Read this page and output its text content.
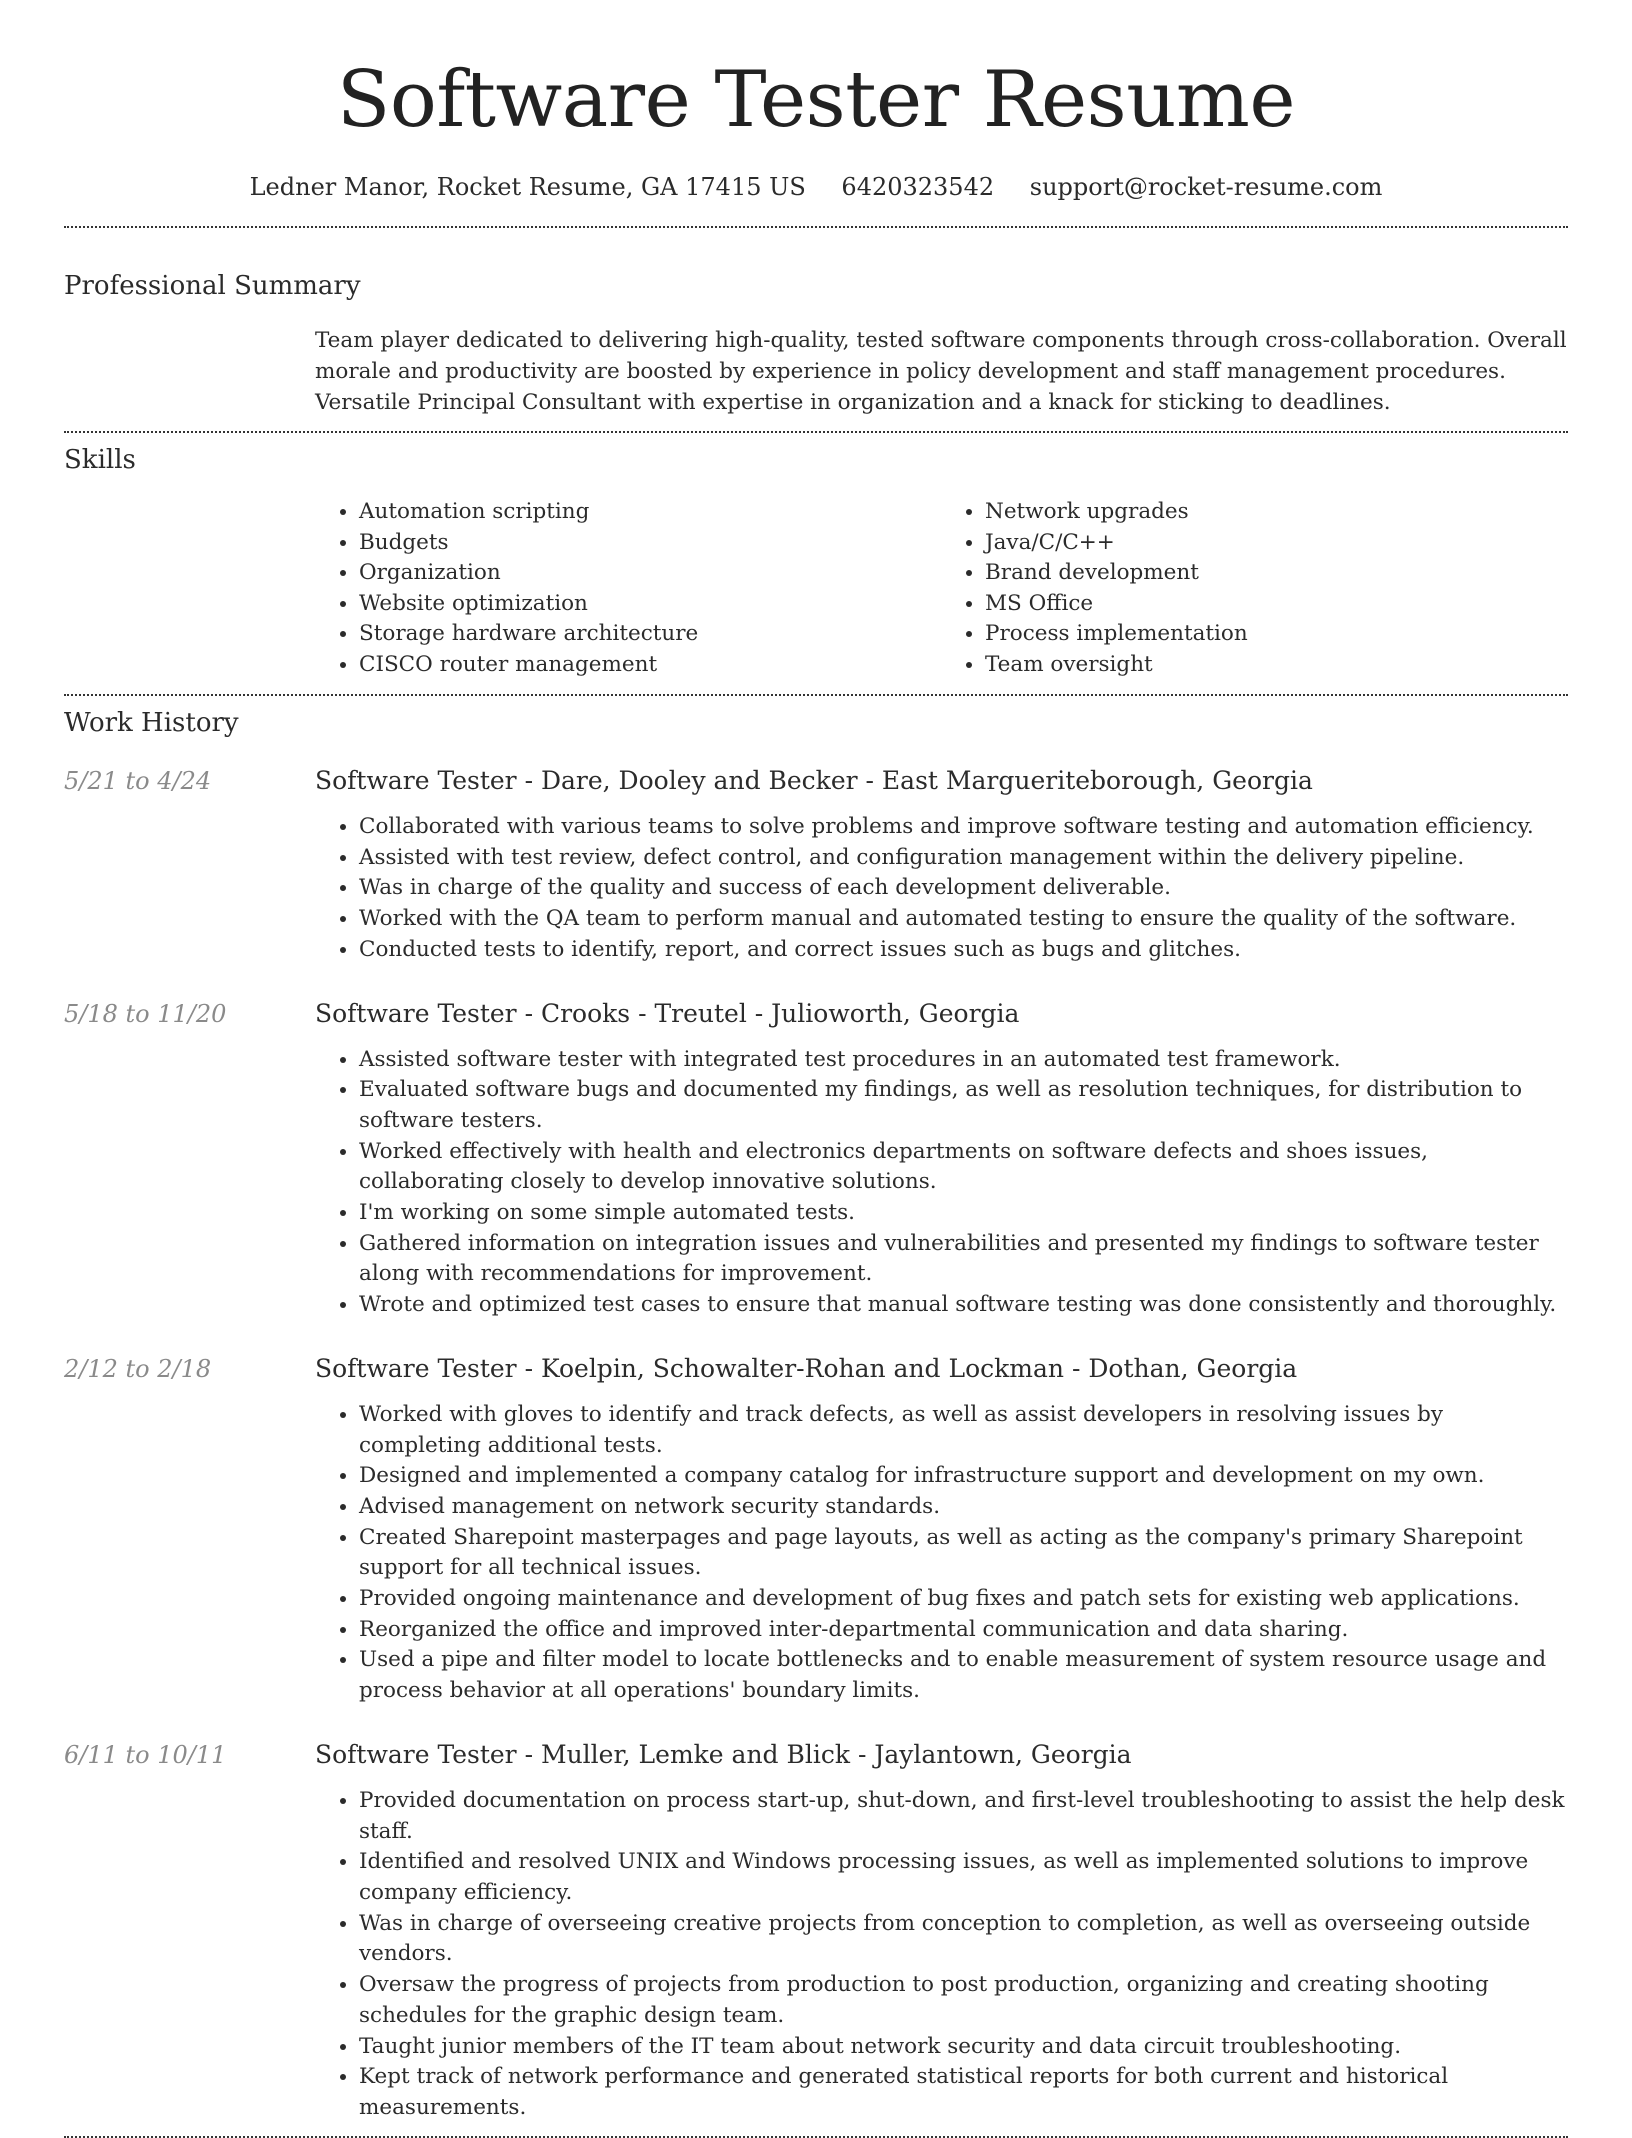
Software Tester Resume
Ledner Manor, Rocket Resume, GA 17415 US 6420323542 support@rocket-resume.com
Professional Summary
Team player dedicated to delivering high-quality, tested software components through cross-collaboration. Overall morale and productivity are boosted by experience in policy development and staff management procedures. Versatile Principal Consultant with expertise in organization and a knack for sticking to deadlines.
Skills
• Automation scripting
• Budgets
• Organization
• Website optimization
• Storage hardware architecture
• CISCO router management
• Network upgrades
• Java/C/C++
• Brand development
• MS Office
• Process implementation
• Team oversight
Work History
5/21 to 4/24	Software Tester - Dare, Dooley and Becker - East Margueriteborough, Georgia
• Collaborated with various teams to solve problems and improve software testing and automation efficiency.
• Assisted with test review, defect control, and configuration management within the delivery pipeline.
• Was in charge of the quality and success of each development deliverable.
• Worked with the QA team to perform manual and automated testing to ensure the quality of the software.
• Conducted tests to identify, report, and correct issues such as bugs and glitches.
5/18 to 11/20	Software Tester - Crooks - Treutel - Julioworth, Georgia
• Assisted software tester with integrated test procedures in an automated test framework.
• Evaluated software bugs and documented my findings, as well as resolution techniques, for distribution to software testers.
• Worked effectively with health and electronics departments on software defects and shoes issues, collaborating closely to develop innovative solutions.
• I'm working on some simple automated tests.
• Gathered information on integration issues and vulnerabilities and presented my findings to software tester along with recommendations for improvement.
• Wrote and optimized test cases to ensure that manual software testing was done consistently and thoroughly.
2/12 to 2/18	Software Tester - Koelpin, Schowalter-Rohan and Lockman - Dothan, Georgia
• Worked with gloves to identify and track defects, as well as assist developers in resolving issues by completing additional tests.
• Designed and implemented a company catalog for infrastructure support and development on my own.
• Advised management on network security standards.
• Created Sharepoint masterpages and page layouts, as well as acting as the company's primary Sharepoint support for all technical issues.
• Provided ongoing maintenance and development of bug fixes and patch sets for existing web applications.
• Reorganized the office and improved inter-departmental communication and data sharing.
• Used a pipe and filter model to locate bottlenecks and to enable measurement of system resource usage and process behavior at all operations' boundary limits.
6/11 to 10/11	Software Tester - Muller, Lemke and Blick - Jaylantown, Georgia
• Provided documentation on process start-up, shut-down, and first-level troubleshooting to assist the help desk staff.
• Identified and resolved UNIX and Windows processing issues, as well as implemented solutions to improve company efficiency.
• Was in charge of overseeing creative projects from conception to completion, as well as overseeing outside vendors.
• Oversaw the progress of projects from production to post production, organizing and creating shooting schedules for the graphic design team.
• Taught junior members of the IT team about network security and data circuit troubleshooting.
• Kept track of network performance and generated statistical reports for both current and historical measurements.
